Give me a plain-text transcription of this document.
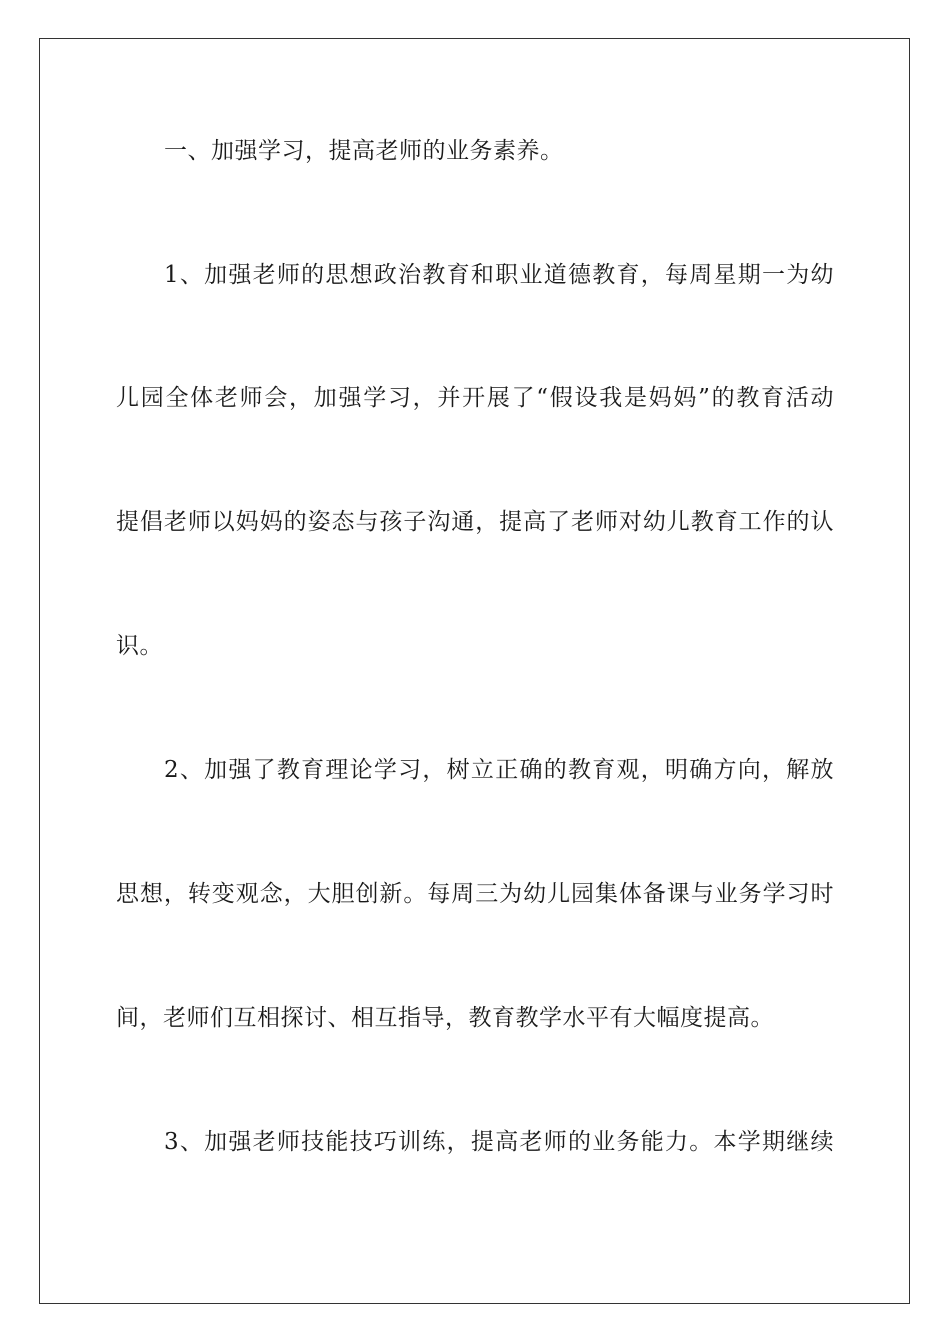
一、加强学习，提高老师的业务素养。
1、加强老师的思想政治教育和职业道德教育，每周星期一为幼
儿园全体老师会，加强学习，并开展了“假设我是妈妈”的教育活动
提倡老师以妈妈的姿态与孩子沟通，提高了老师对幼儿教育工作的认
识。
2、加强了教育理论学习，树立正确的教育观，明确方向，解放
思想，转变观念，大胆创新。每周三为幼儿园集体备课与业务学习时
间，老师们互相探讨、相互指导，教育教学水平有大幅度提高。
3、加强老师技能技巧训练，提高老师的业务能力。本学期继续
